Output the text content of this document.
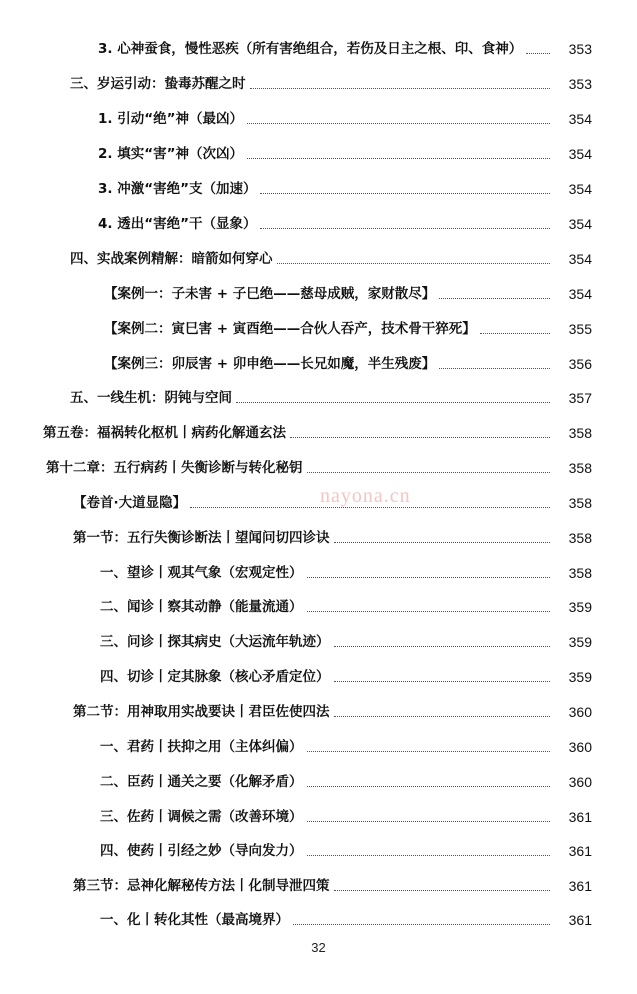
3. 心神蚕食，慢性恶疾（所有害绝组合，若伤及日主之根、印、食神）	353
三、岁运引动：蛰毒苏醒之时	353
1. 引动“绝”神（最凶）	354
2. 填实“害”神（次凶）	354
3. 冲激“害绝”支（加速）	354
4. 透出“害绝”干（显象）	354
四、实战案例精解：暗箭如何穿心	354
【案例一：子未害 + 子巳绝——慈母成贼，家财散尽】	354
【案例二：寅巳害 + 寅酉绝——合伙人吞产，技术骨干猝死】	355
【案例三：卯辰害 + 卯申绝——长兄如魔，半生残废】	356
五、一线生机：阴钝与空间	357
第五卷：福祸转化枢机丨病药化解通玄法	358
第十二章：五行病药丨失衡诊断与转化秘钥	358
【卷首·大道显隐】	358
第一节：五行失衡诊断法丨望闻问切四诊诀	358
一、望诊丨观其气象（宏观定性）	358
二、闻诊丨察其动静（能量流通）	359
三、问诊丨探其病史（大运流年轨迹）	359
四、切诊丨定其脉象（核心矛盾定位）	359
第二节：用神取用实战要诀丨君臣佐使四法	360
一、君药丨扶抑之用（主体纠偏）	360
二、臣药丨通关之要（化解矛盾）	360
三、佐药丨调候之需（改善环境）	361
四、使药丨引经之妙（导向发力）	361
第三节：忌神化解秘传方法丨化制导泄四策	361
一、化丨转化其性（最高境界）	361
nayona.cn
32
